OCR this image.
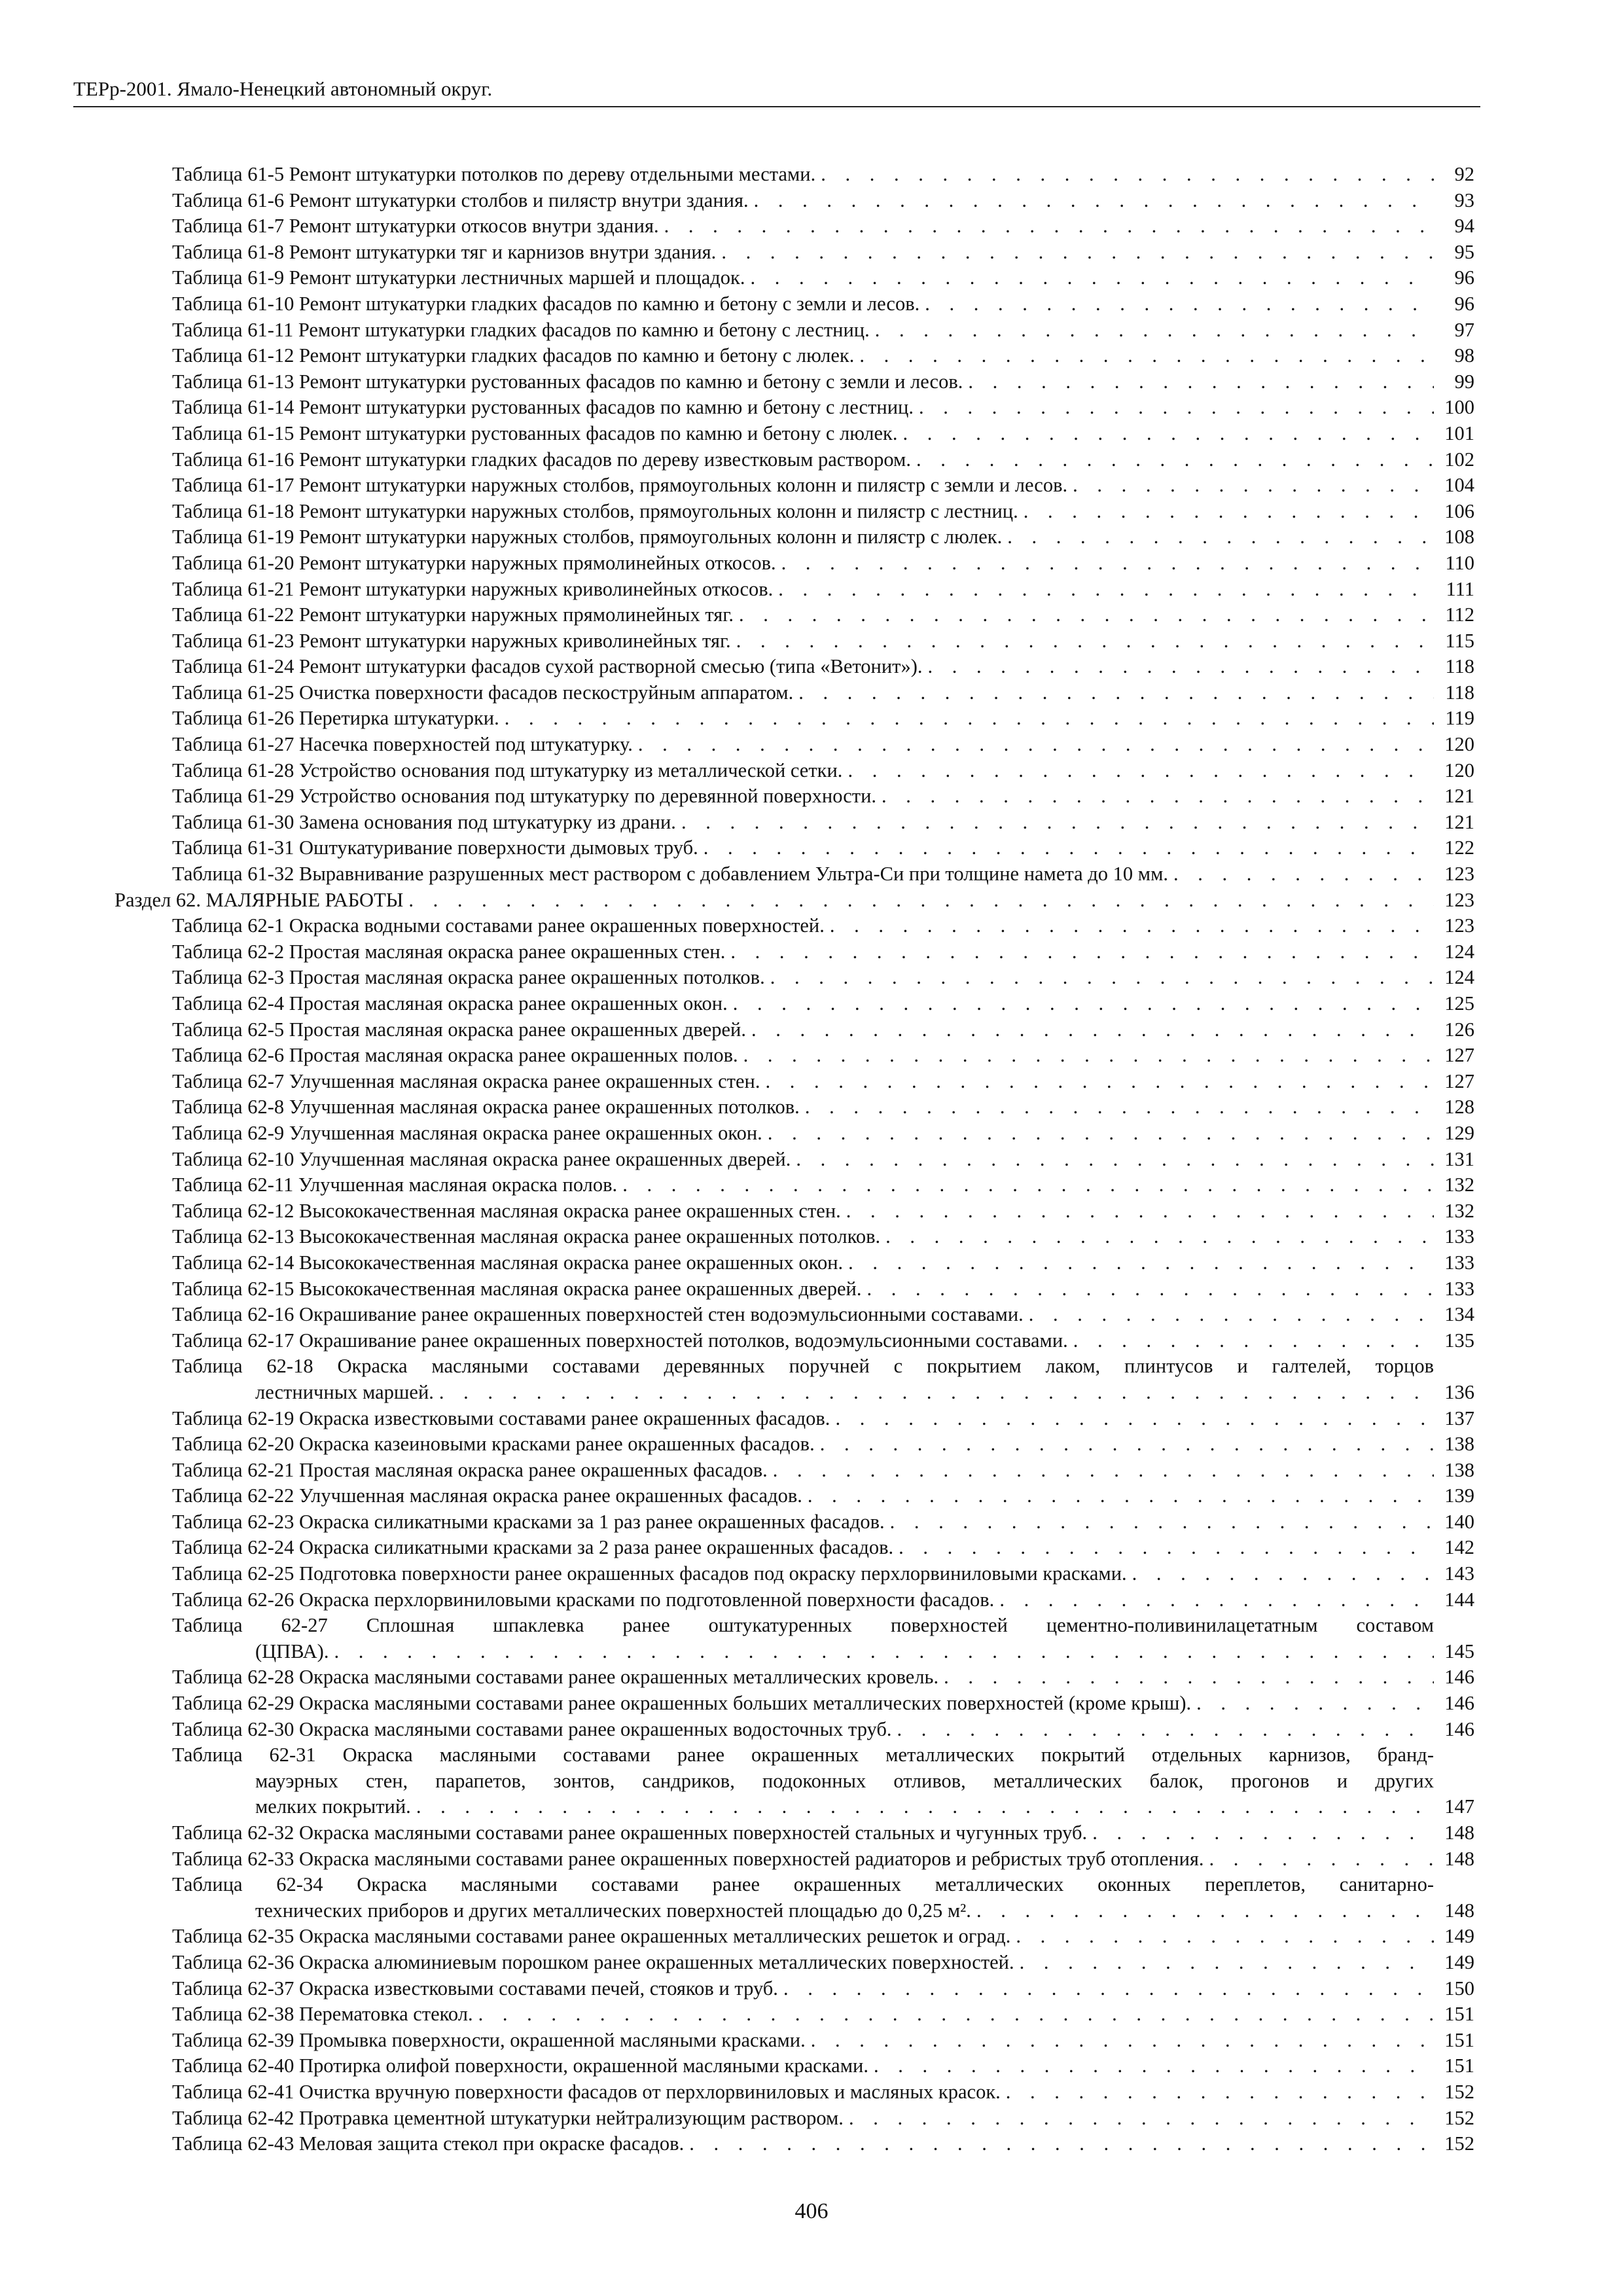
ТЕРр-2001. Ямало-Ненецкий автономный округ.
Таблица 61-5 Ремонт штукатурки потолков по дереву отдельными местами. . . .	92
Таблица 61-6 Ремонт штукатурки столбов и пилястр внутри здания. . . .	93
Таблица 61-7 Ремонт штукатурки откосов внутри здания. . . .	94
Таблица 61-8 Ремонт штукатурки тяг и карнизов внутри здания. . . .	95
Таблица 61-9 Ремонт штукатурки лестничных маршей и площадок. . . .	96
Таблица 61-10 Ремонт штукатурки гладких фасадов по камню и бетону с земли и лесов. . . .	96
Таблица 61-11 Ремонт штукатурки гладких фасадов по камню и бетону с лестниц. . . .	97
Таблица 61-12 Ремонт штукатурки гладких фасадов по камню и бетону с люлек. . . .	98
Таблица 61-13 Ремонт штукатурки рустованных фасадов по камню и бетону с земли и лесов. . . .	99
Таблица 61-14 Ремонт штукатурки рустованных фасадов по камню и бетону с лестниц. . . .	100
Таблица 61-15 Ремонт штукатурки рустованных фасадов по камню и бетону с люлек. . . .	101
Таблица 61-16 Ремонт штукатурки гладких фасадов по дереву известковым раствором. . . .	102
Таблица 61-17 Ремонт штукатурки наружных столбов, прямоугольных колонн и пилястр с земли и лесов. . . .	104
Таблица 61-18 Ремонт штукатурки наружных столбов, прямоугольных колонн и пилястр с лестниц. . . .	106
Таблица 61-19 Ремонт штукатурки наружных столбов, прямоугольных колонн и пилястр с люлек. . . .	108
Таблица 61-20 Ремонт штукатурки наружных прямолинейных откосов. . . .	110
Таблица 61-21 Ремонт штукатурки наружных криволинейных откосов. . . .	111
Таблица 61-22 Ремонт штукатурки наружных прямолинейных тяг. . . .	112
Таблица 61-23 Ремонт штукатурки наружных криволинейных тяг. . . .	115
Таблица 61-24 Ремонт штукатурки фасадов сухой растворной смесью (типа «Ветонит»). . . .	118
Таблица 61-25 Очистка поверхности фасадов пескоструйным аппаратом. . . .	118
Таблица 61-26 Перетирка штукатурки. . . .	119
Таблица 61-27 Насечка поверхностей под штукатурку. . . .	120
Таблица 61-28 Устройство основания под штукатурку из металлической сетки. . . .	120
Таблица 61-29 Устройство основания под штукатурку по деревянной поверхности. . . .	121
Таблица 61-30 Замена основания под штукатурку из драни. . . .	121
Таблица 61-31 Оштукатуривание поверхности дымовых труб. . . .	122
Таблица 61-32 Выравнивание разрушенных мест раствором с добавлением Ультра-Си при толщине намета до 10 мм. . . .	123
Раздел 62. МАЛЯРНЫЕ РАБОТЫ . . .	123
Таблица 62-1 Окраска водными составами ранее окрашенных поверхностей. . . .	123
Таблица 62-2 Простая масляная окраска ранее окрашенных стен. . . .	124
Таблица 62-3 Простая масляная окраска ранее окрашенных потолков. . . .	124
Таблица 62-4 Простая масляная окраска ранее окрашенных окон. . . .	125
Таблица 62-5 Простая масляная окраска ранее окрашенных дверей. . . .	126
Таблица 62-6 Простая масляная окраска ранее окрашенных полов. . . .	127
Таблица 62-7 Улучшенная масляная окраска ранее окрашенных стен. . . .	127
Таблица 62-8 Улучшенная масляная окраска ранее окрашенных потолков. . . .	128
Таблица 62-9 Улучшенная масляная окраска ранее окрашенных окон. . . .	129
Таблица 62-10 Улучшенная масляная окраска ранее окрашенных дверей. . . .	131
Таблица 62-11 Улучшенная масляная окраска полов. . . .	132
Таблица 62-12 Высококачественная масляная окраска ранее окрашенных стен. . . .	132
Таблица 62-13 Высококачественная масляная окраска ранее окрашенных потолков. . . .	133
Таблица 62-14 Высококачественная масляная окраска ранее окрашенных окон. . . .	133
Таблица 62-15 Высококачественная масляная окраска ранее окрашенных дверей. . . .	133
Таблица 62-16 Окрашивание ранее окрашенных поверхностей стен водоэмульсионными составами. . . .	134
Таблица 62-17 Окрашивание ранее окрашенных поверхностей потолков, водоэмульсионными составами. . . .	135
Таблица 62-18 Окраска масляными составами деревянных поручней с покрытием лаком, плинтусов и галтелей, торцов
лестничных маршей. . . .	136
Таблица 62-19 Окраска известковыми составами ранее окрашенных фасадов. . . .	137
Таблица 62-20 Окраска казеиновыми красками ранее окрашенных фасадов. . . .	138
Таблица 62-21 Простая масляная окраска ранее окрашенных фасадов. . . .	138
Таблица 62-22 Улучшенная масляная окраска ранее окрашенных фасадов. . . .	139
Таблица 62-23 Окраска силикатными красками за 1 раз ранее окрашенных фасадов. . . .	140
Таблица 62-24 Окраска силикатными красками за 2 раза ранее окрашенных фасадов. . . .	142
Таблица 62-25 Подготовка поверхности ранее окрашенных фасадов под окраску перхлорвиниловыми красками. . . .	143
Таблица 62-26 Окраска перхлорвиниловыми красками по подготовленной поверхности фасадов. . . .	144
Таблица 62-27 Сплошная шпаклевка ранее оштукатуренных поверхностей цементно-поливинилацетатным составом
(ЦПВА). . . .	145
Таблица 62-28 Окраска масляными составами ранее окрашенных металлических кровель. . . .	146
Таблица 62-29 Окраска масляными составами ранее окрашенных больших металлических поверхностей (кроме крыш). . . .	146
Таблица 62-30 Окраска масляными составами ранее окрашенных водосточных труб. . . .	146
Таблица 62-31 Окраска масляными составами ранее окрашенных металлических покрытий отдельных карнизов, бранд-
мауэрных стен, парапетов, зонтов, сандриков, подоконных отливов, металлических балок, прогонов и других
мелких покрытий. . . .	147
Таблица 62-32 Окраска масляными составами ранее окрашенных поверхностей стальных и чугунных труб. . . .	148
Таблица 62-33 Окраска масляными составами ранее окрашенных поверхностей радиаторов и ребристых труб отопления. . . .	148
Таблица 62-34 Окраска масляными составами ранее окрашенных металлических оконных переплетов, санитарно-
технических приборов и других металлических поверхностей площадью до 0,25 м². . . .	148
Таблица 62-35 Окраска масляными составами ранее окрашенных металлических решеток и оград. . . .	149
Таблица 62-36 Окраска алюминиевым порошком ранее окрашенных металлических поверхностей. . . .	149
Таблица 62-37 Окраска известковыми составами печей, стояков и труб. . . .	150
Таблица 62-38 Перематовка стекол. . . .	151
Таблица 62-39 Промывка поверхности, окрашенной масляными красками. . . .	151
Таблица 62-40 Протирка олифой поверхности, окрашенной масляными красками. . . .	151
Таблица 62-41 Очистка вручную поверхности фасадов от перхлорвиниловых и масляных красок. . . .	152
Таблица 62-42 Протравка цементной штукатурки нейтрализующим раствором. . . .	152
Таблица 62-43 Меловая защита стекол при окраске фасадов. . . .	152
406
